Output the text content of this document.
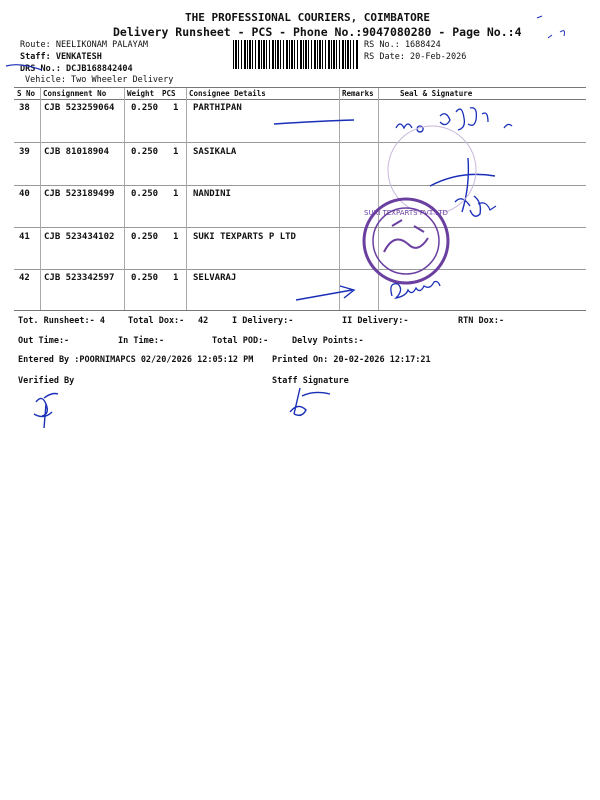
THE PROFESSIONAL COURIERS, COIMBATORE
Delivery Runsheet - PCS - Phone No.:9047080280 - Page No.:4
Route: NEELIKONAM PALAYAM
Staff: VENKATESH
DRS No.: DCJB168842404
Vehicle: Two Wheeler Delivery
RS No.: 1688424
RS Date: 20-Feb-2026
S No Consignment No	Weight PCS Consignee Details	Remarks	Seal & Signature
38 CJB 523259064 0.250 1 PARTHIPAN
39 CJB 81018904 0.250 1 SASIKALA
40 CJB 523189499 0.250 1 NANDINI
41 CJB 523434102 0.250 1 SUKI TEXPARTS P LTD
42 CJB 523342597 0.250 1 SELVARAJ
Tot. Runsheet:- 4	Total Dox:- 42	I Delivery:-	II Delivery:-	RTN Dox:-
Out Time:-	In Time:-	Total POD:-	Delvy Points:-
Entered By :POORNIMAPCS 02/20/2026 12:05:12 PM Printed On: 20-02-2026 12:17:21
Verified By	Staff Signature
SUKI TEXPARTS PVT LTD
